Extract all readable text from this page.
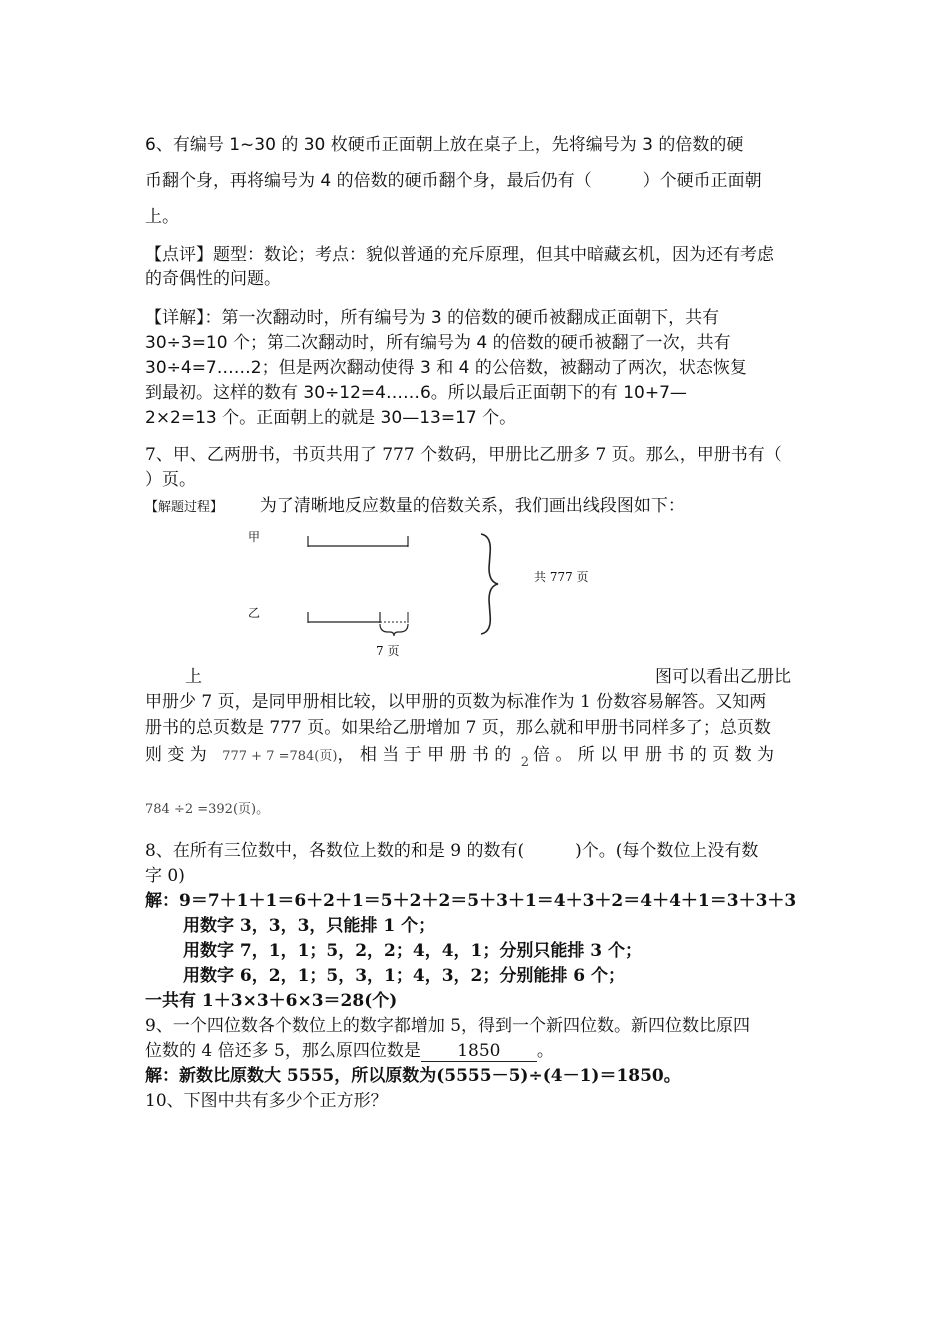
6、有编号 1~30 的 30 枚硬币正面朝上放在桌子上，先将编号为 3 的倍数的硬
币翻个身，再将编号为 4 的倍数的硬币翻个身，最后仍有（　　　）个硬币正面朝
上。
【点评】题型：数论；考点：貌似普通的充斥原理，但其中暗藏玄机，因为还有考虑
的奇偶性的问题。
【详解】：第一次翻动时，所有编号为 3 的倍数的硬币被翻成正面朝下，共有
30÷3=10 个；第二次翻动时，所有编号为 4 的倍数的硬币被翻了一次，共有
30÷4=7……2；但是两次翻动使得 3 和 4 的公倍数，被翻动了两次，状态恢复
到最初。这样的数有 30÷12=4……6。所以最后正面朝下的有 10+7—
2×2=13 个。正面朝上的就是 30—13=17 个。
7、甲、乙两册书，书页共用了 777 个数码，甲册比乙册多 7 页。那么，甲册书有（
）页。
【解题过程】 为了清晰地反应数量的倍数关系，我们画出线段图如下：
甲
乙
共 777 页
7 页
上	图可以看出乙册比
甲册少 7 页，是同甲册相比较，以甲册的页数为标准作为 1 份数容易解答。又知两
册书的总页数是 777 页。如果给乙册增加 7 页，那么就和甲册书同样多了；总页数
则 变 为 777 + 7 =784(页)， 相 当 于 甲 册 书 的 $_2$ 倍 。 所 以 甲 册 书 的 页 数 为
784 ÷2 =392(页)。
8、在所有三位数中，各数位上数的和是 9 的数有(　　　)个。(每个数位上没有数
字 0)
解：9＝7＋1＋1＝6＋2＋1＝5＋2＋2＝5＋3＋1＝4＋3＋2＝4＋4＋1＝3＋3＋3
用数字 3，3，3，只能排 1 个；
用数字 7，1，1；5，2，2；4，4，1；分别只能排 3 个；
用数字 6，2，1；5，3，1；4，3，2；分别能排 6 个；
一共有 1＋3×3＋6×3＝28(个)
9、一个四位数各个数位上的数字都增加 5，得到一个新四位数。新四位数比原四
位数的 4 倍还多 5，那么原四位数是 1850 。
解：新数比原数大 5555，所以原数为(5555－5)÷(4－1)＝1850。
10、下图中共有多少个正方形？
